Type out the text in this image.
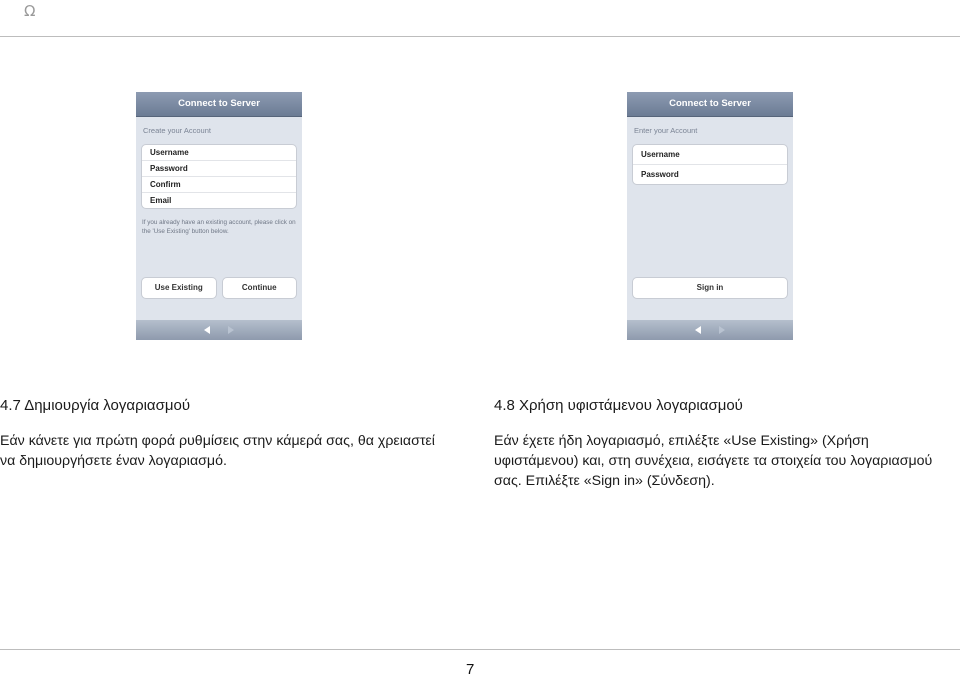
Ω
Connect to Server
Create your Account
Username
Password
Confirm
Email
If you already have an existing account, please click on the 'Use Existing' button below.
Use Existing	Continue
Connect to Server
Enter your Account
Username
Password
Sign in
4.7 Δημιουργία λογαριασμού
Εάν κάνετε για πρώτη φορά ρυθμίσεις στην κάμερά σας, θα χρειαστεί να δημιουργήσετε έναν λογαριασμό.
4.8 Χρήση υφιστάμενου λογαριασμού
Εάν έχετε ήδη λογαριασμό, επιλέξτε «Use Existing» (Χρήση υφιστάμενου) και, στη συνέχεια, εισάγετε τα στοιχεία του λογαριασμού σας. Επιλέξτε «Sign in» (Σύνδεση).
7
